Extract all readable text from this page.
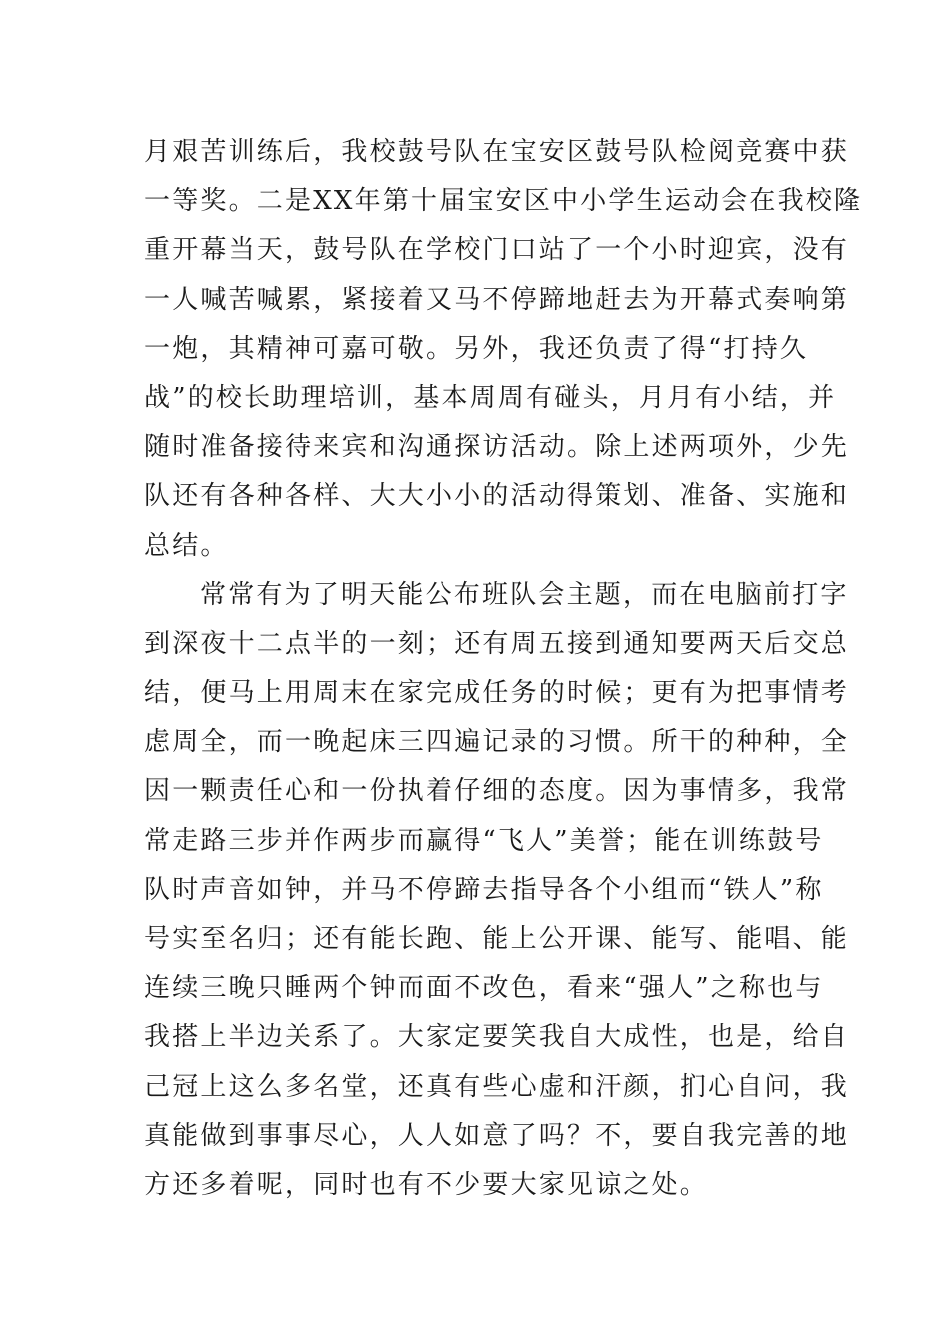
月艰苦训练后，我校鼓号队在宝安区鼓号队检阅竞赛中获
一等奖。二是XX年第十届宝安区中小学生运动会在我校隆
重开幕当天，鼓号队在学校门口站了一个小时迎宾，没有
一人喊苦喊累，紧接着又马不停蹄地赶去为开幕式奏响第
一炮，其精神可嘉可敬。另外，我还负责了得“打持久
战”的校长助理培训，基本周周有碰头，月月有小结，并
随时准备接待来宾和沟通探访活动。除上述两项外，少先
队还有各种各样、大大小小的活动得策划、准备、实施和
总结。
常常有为了明天能公布班队会主题，而在电脑前打字
到深夜十二点半的一刻；还有周五接到通知要两天后交总
结，便马上用周末在家完成任务的时候；更有为把事情考
虑周全，而一晚起床三四遍记录的习惯。所干的种种，全
因一颗责任心和一份执着仔细的态度。因为事情多，我常
常走路三步并作两步而赢得“飞人”美誉；能在训练鼓号
队时声音如钟，并马不停蹄去指导各个小组而“铁人”称
号实至名归；还有能长跑、能上公开课、能写、能唱、能
连续三晚只睡两个钟而面不改色，看来“强人”之称也与
我搭上半边关系了。大家定要笑我自大成性，也是，给自
己冠上这么多名堂，还真有些心虚和汗颜，扪心自问，我
真能做到事事尽心，人人如意了吗？不，要自我完善的地
方还多着呢，同时也有不少要大家见谅之处。
